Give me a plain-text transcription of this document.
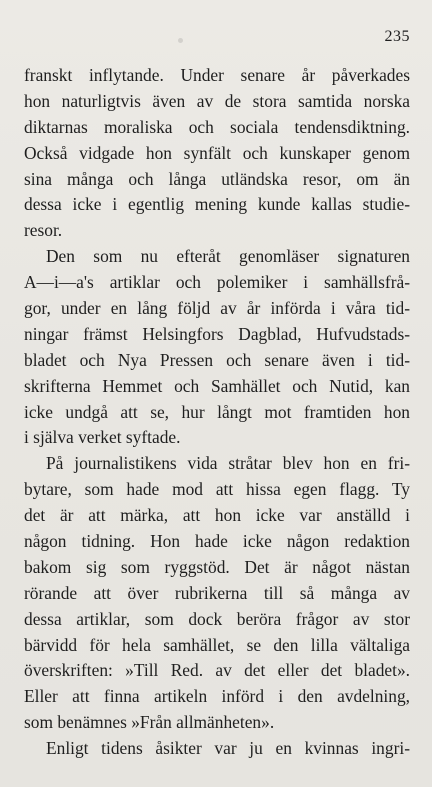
235
franskt inflytande. Under senare år påverkades
hon naturligtvis även av de stora samtida norska
diktarnas moraliska och sociala tendensdiktning.
Också vidgade hon synfält och kunskaper genom
sina många och långa utländska resor, om än
dessa icke i egentlig mening kunde kallas studie-
resor.
Den som nu efteråt genomläser signaturen
A—i—a's artiklar och polemiker i samhällsfrå-
gor, under en lång följd av år införda i våra tid-
ningar främst Helsingfors Dagblad, Hufvudstads-
bladet och Nya Pressen och senare även i tid-
skrifterna Hemmet och Samhället och Nutid, kan
icke undgå att se, hur långt mot framtiden hon
i själva verket syftade.
På journalistikens vida stråtar blev hon en fri-
bytare, som hade mod att hissa egen flagg. Ty
det är att märka, att hon icke var anställd i
någon tidning. Hon hade icke någon redaktion
bakom sig som ryggstöd. Det är något nästan
rörande att över rubrikerna till så många av
dessa artiklar, som dock beröra frågor av stor
bärvidd för hela samhället, se den lilla vältaliga
överskriften: »Till Red. av det eller det bladet».
Eller att finna artikeln införd i den avdelning,
som benämnes »Från allmänheten».
Enligt tidens åsikter var ju en kvinnas ingri-
